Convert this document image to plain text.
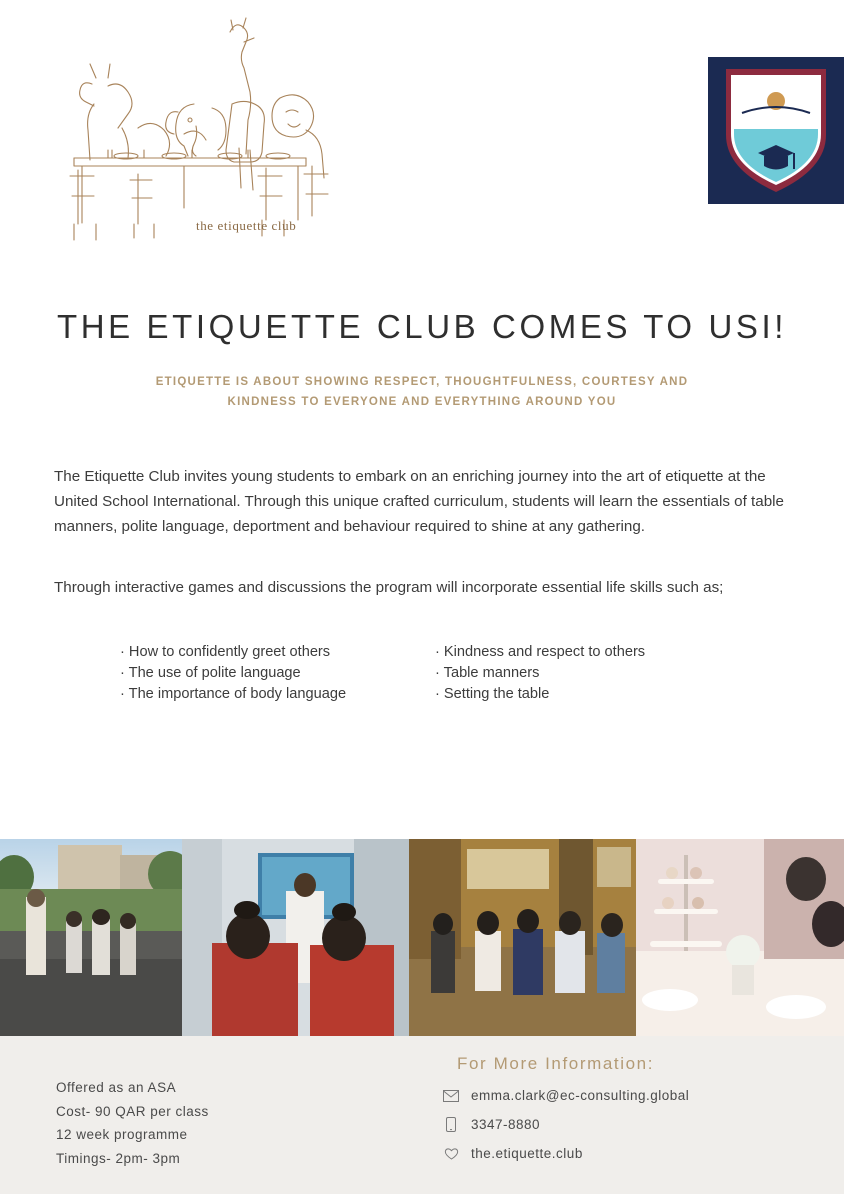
the etiquette club
THE ETIQUETTE CLUB COMES TO USI!
ETIQUETTE IS ABOUT SHOWING RESPECT, THOUGHTFULNESS, COURTESY AND KINDNESS TO EVERYONE AND EVERYTHING AROUND YOU

The Etiquette Club invites young students to embark on an enriching journey into the art of etiquette at the United School International. Through this unique crafted curriculum, students will learn the essentials of table manners, polite language, deportment and behaviour required to shine at any gathering.

Through interactive games and discussions the program will incorporate essential life skills such as;

· How to confidently greet others
· The use of polite language
· The importance of body language
· Kindness and respect to others
· Table manners
· Setting the table
Offered as an ASA
Cost- 90 QAR per class
12 week programme
Timings- 2pm- 3pm
For More Information:
emma.clark@ec-consulting.global
3347-8880
the.etiquette.club
